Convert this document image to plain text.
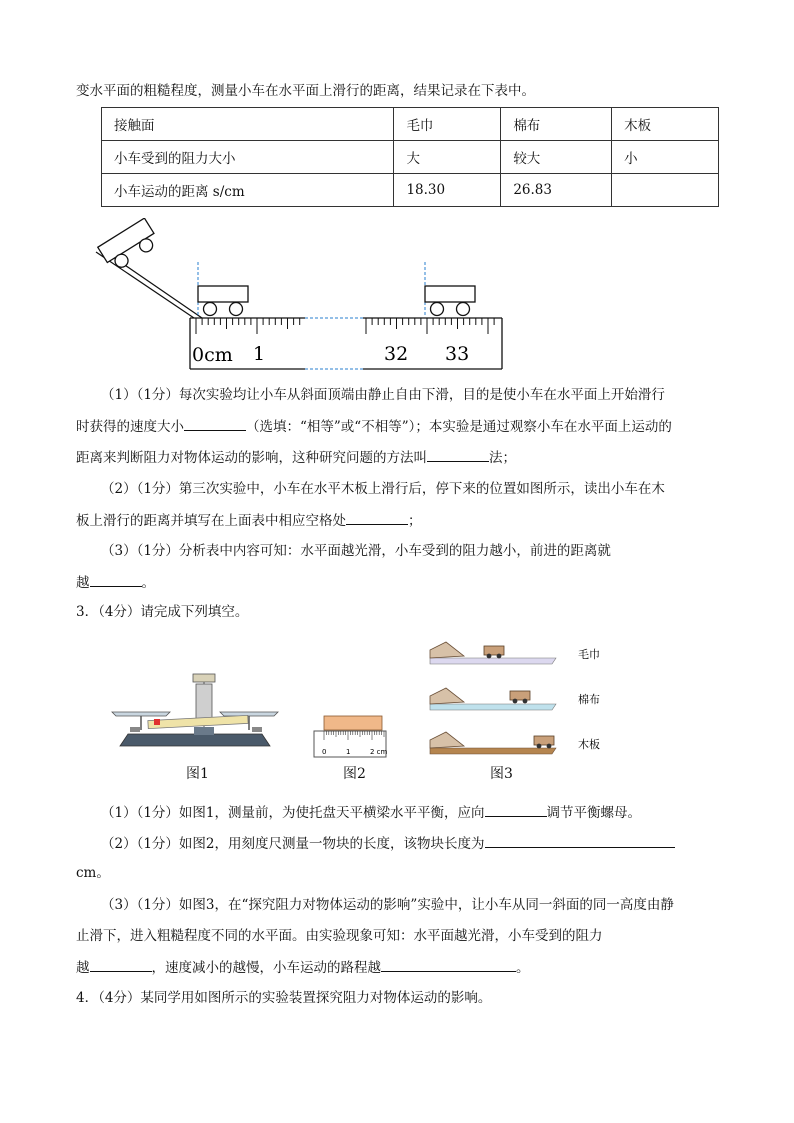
变水平面的粗糙程度，测量小车在水平面上滑行的距离，结果记录在下表中。
接触面	毛巾	棉布	木板
小车受到的阻力大小	大	较大	小
小车运动的距离 s/cm	18.30	26.83	
0cm 1	32 33
（1）（1分）每次实验均让小车从斜面顶端由静止自由下滑，目的是使小车在水平面上开始滑行
时获得的速度大小	（选填：“相等”或“不相等”）；本实验是通过观察小车在水平面上运动的
距离来判断阻力对物体运动的影响，这种研究问题的方法叫	法；
（2）（1分）第三次实验中，小车在水平木板上滑行后，停下来的位置如图所示，读出小车在木
板上滑行的距离并填写在上面表中相应空格处	；
（3）（1分）分析表中内容可知：水平面越光滑，小车受到的阻力越小，前进的距离就
越	。
3．（4分）请完成下列填空。
0	1	2 cm
毛巾
棉布
木板
图1	图2	图3
（1）（1分）如图1，测量前，为使托盘天平横梁水平平衡，应向	调节平衡螺母。
（2）（1分）如图2，用刻度尺测量一物块的长度，该物块长度为
cm。
（3）（1分）如图3，在“探究阻力对物体运动的影响”实验中，让小车从同一斜面的同一高度由静
止滑下，进入粗糙程度不同的水平面。由实验现象可知：水平面越光滑，小车受到的阻力
越	，速度减小的越慢，小车运动的路程越	。
4．（4分）某同学用如图所示的实验装置探究阻力对物体运动的影响。
